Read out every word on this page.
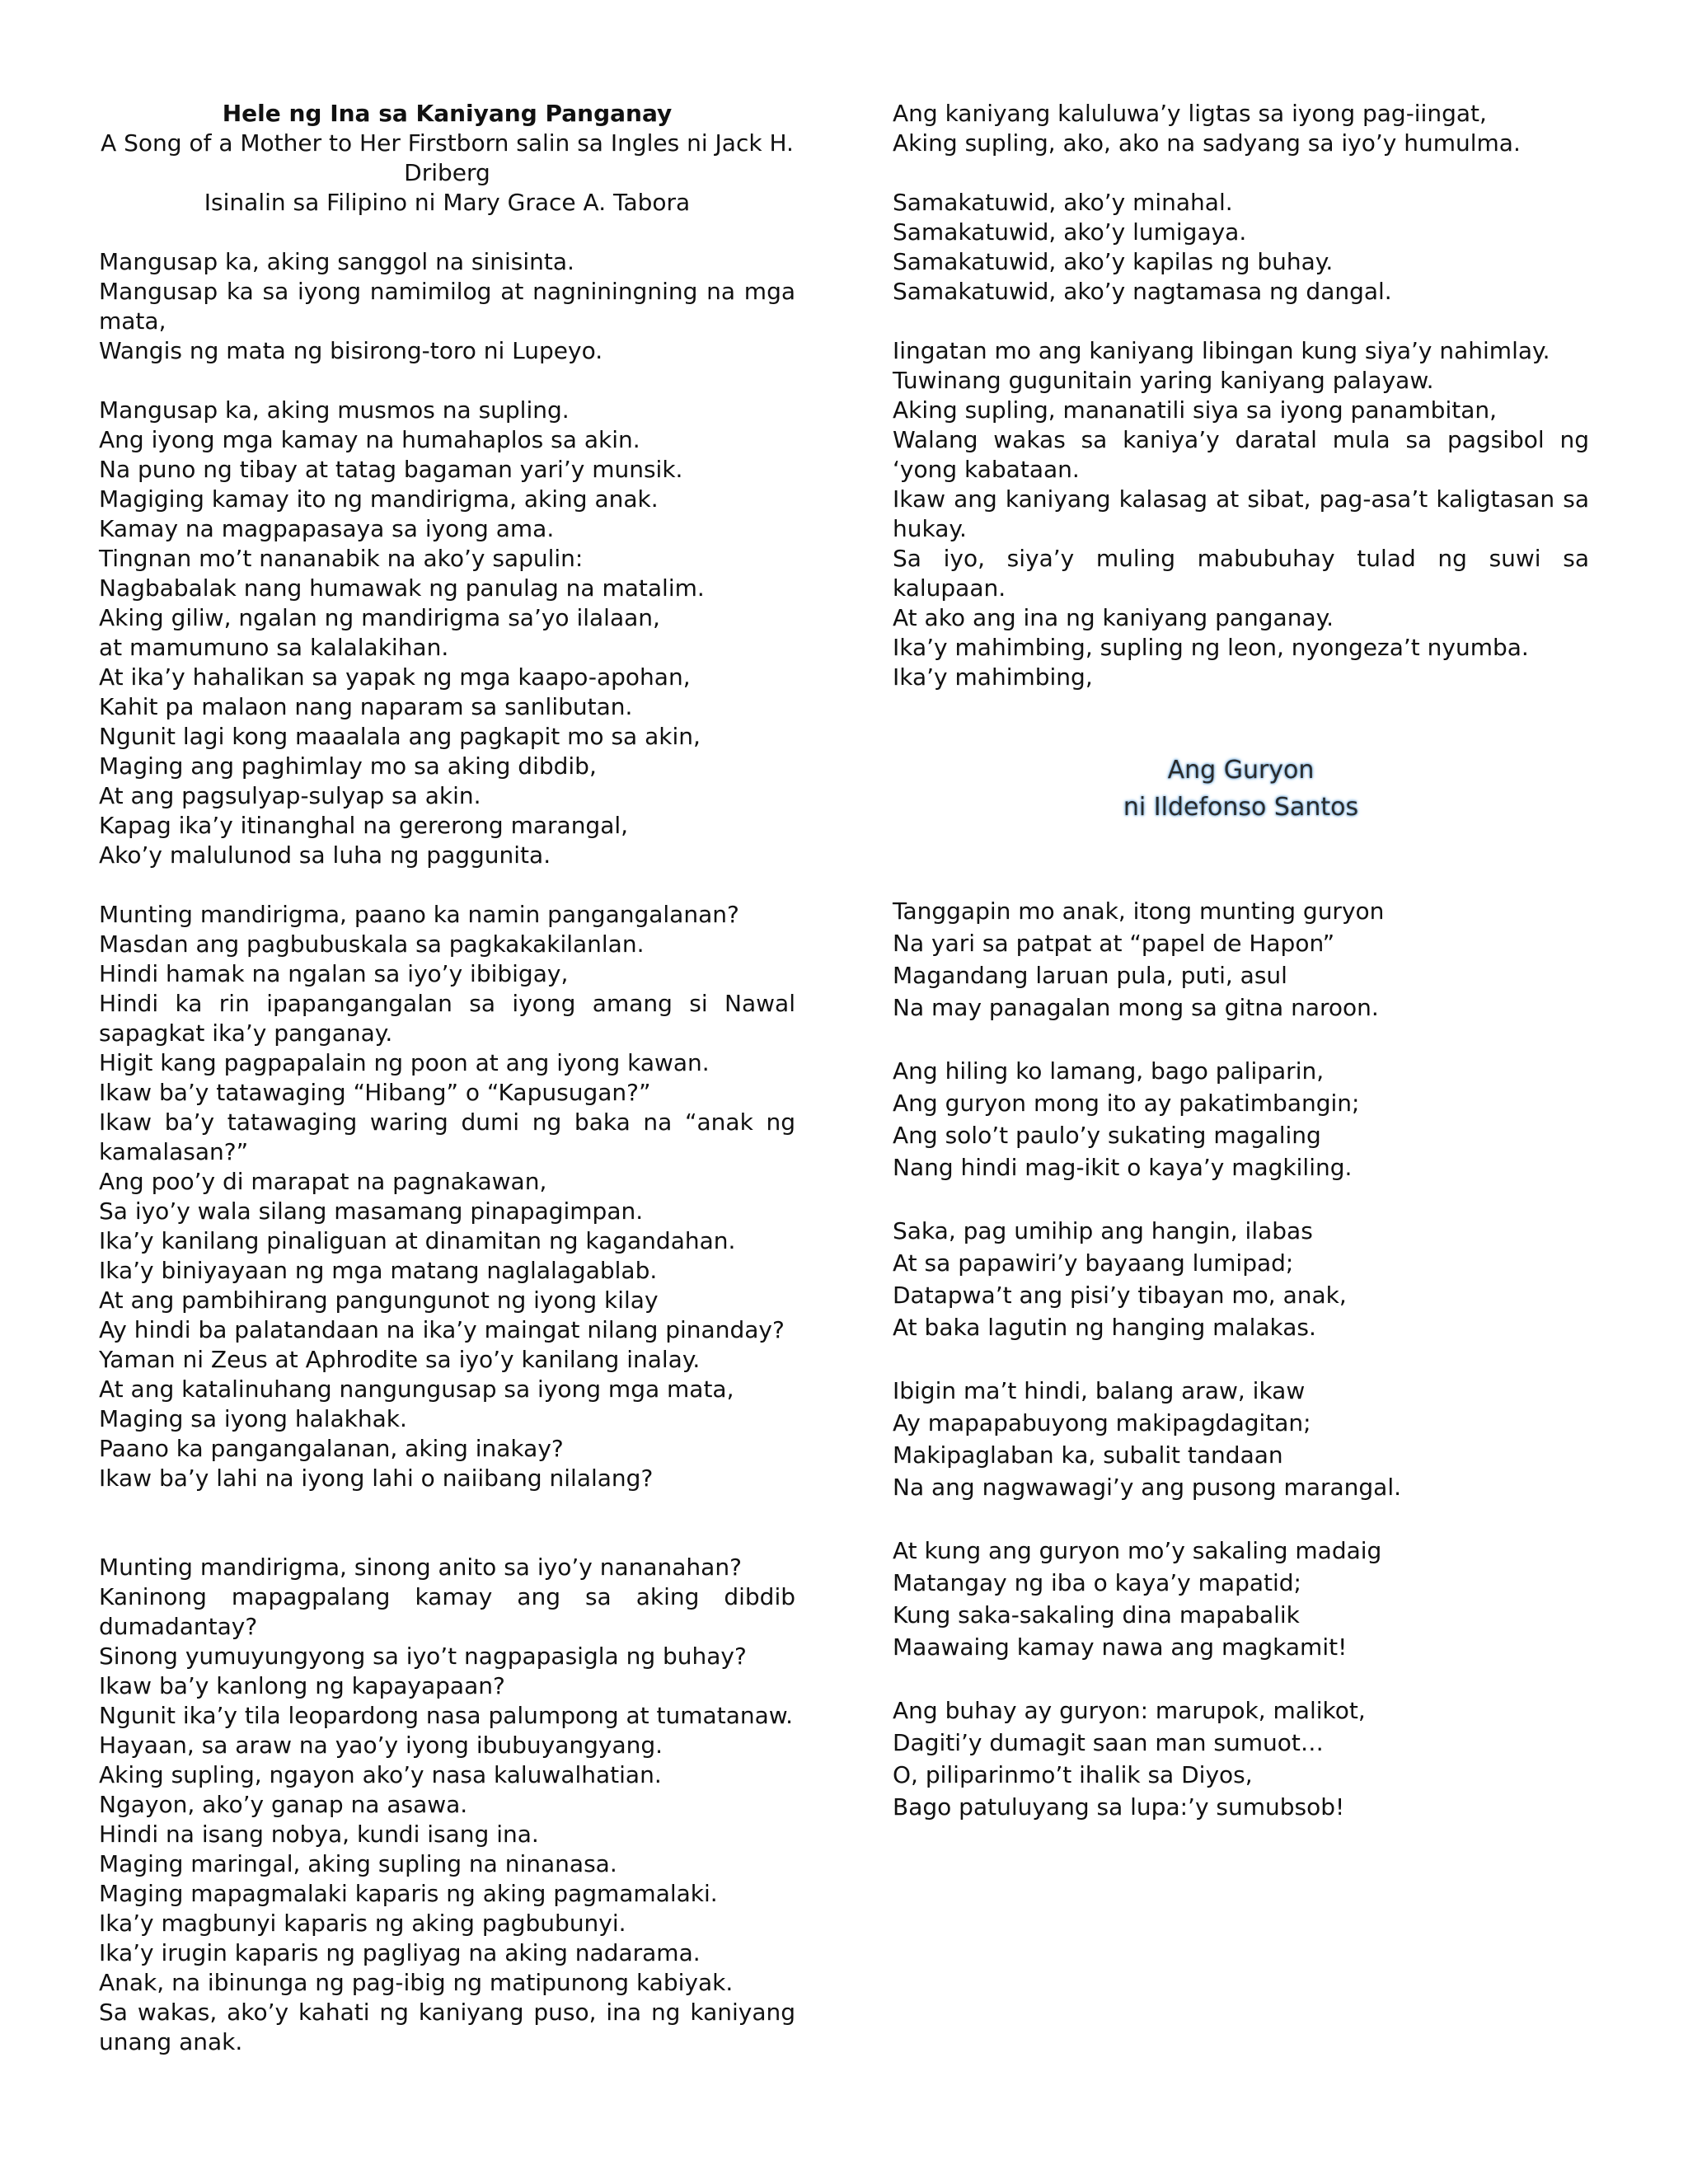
Hele ng Ina sa Kaniyang Panganay
A Song of a Mother to Her Firstborn salin sa Ingles ni Jack H.
Driberg
Isinalin sa Filipino ni Mary Grace A. Tabora
Mangusap ka, aking sanggol na sinisinta.
Mangusap ka sa iyong namimilog at nagniningning na mga mata,
Wangis ng mata ng bisirong-toro ni Lupeyo.
Mangusap ka, aking musmos na supling.
Ang iyong mga kamay na humahaplos sa akin.
Na puno ng tibay at tatag bagaman yari’y munsik.
Magiging kamay ito ng mandirigma, aking anak.
Kamay na magpapasaya sa iyong ama.
Tingnan mo’t nananabik na ako’y sapulin:
Nagbabalak nang humawak ng panulag na matalim.
Aking giliw, ngalan ng mandirigma sa’yo ilalaan,
at mamumuno sa kalalakihan.
At ika’y hahalikan sa yapak ng mga kaapo-apohan,
Kahit pa malaon nang naparam sa sanlibutan.
Ngunit lagi kong maaalala ang pagkapit mo sa akin,
Maging ang paghimlay mo sa aking dibdib,
At ang pagsulyap-sulyap sa akin.
Kapag ika’y itinanghal na gererong marangal,
Ako’y malulunod sa luha ng paggunita.
Munting mandirigma, paano ka namin pangangalanan?
Masdan ang pagbubuskala sa pagkakakilanlan.
Hindi hamak na ngalan sa iyo’y ibibigay,
Hindi ka rin ipapangangalan sa iyong amang si Nawal sapagkat ika’y panganay.
Higit kang pagpapalain ng poon at ang iyong kawan.
Ikaw ba’y tatawaging “Hibang” o “Kapusugan?”
Ikaw ba’y tatawaging waring dumi ng baka na “anak ng kamalasan?”
Ang poo’y di marapat na pagnakawan,
Sa iyo’y wala silang masamang pinapagimpan.
Ika’y kanilang pinaliguan at dinamitan ng kagandahan.
Ika’y biniyayaan ng mga matang naglalagablab.
At ang pambihirang pangungunot ng iyong kilay
Ay hindi ba palatandaan na ika’y maingat nilang pinanday?
Yaman ni Zeus at Aphrodite sa iyo’y kanilang inalay.
At ang katalinuhang nangungusap sa iyong mga mata,
Maging sa iyong halakhak.
Paano ka pangangalanan, aking inakay?
Ikaw ba’y lahi na iyong lahi o naiibang nilalang?
Munting mandirigma, sinong anito sa iyo’y nananahan?
Kaninong mapagpalang kamay ang sa aking dibdib dumadantay?
Sinong yumuyungyong sa iyo’t nagpapasigla ng buhay?
Ikaw ba’y kanlong ng kapayapaan?
Ngunit ika’y tila leopardong nasa palumpong at tumatanaw.
Hayaan, sa araw na yao’y iyong ibubuyangyang.
Aking supling, ngayon ako’y nasa kaluwalhatian.
Ngayon, ako’y ganap na asawa.
Hindi na isang nobya, kundi isang ina.
Maging maringal, aking supling na ninanasa.
Maging mapagmalaki kaparis ng aking pagmamalaki.
Ika’y magbunyi kaparis ng aking pagbubunyi.
Ika’y irugin kaparis ng pagliyag na aking nadarama.
Anak, na ibinunga ng pag-ibig ng matipunong kabiyak.
Sa wakas, ako’y kahati ng kaniyang puso, ina ng kaniyang unang anak.
Ang kaniyang kaluluwa’y ligtas sa iyong pag-iingat,
Aking supling, ako, ako na sadyang sa iyo’y humulma.
Samakatuwid, ako’y minahal.
Samakatuwid, ako’y lumigaya.
Samakatuwid, ako’y kapilas ng buhay.
Samakatuwid, ako’y nagtamasa ng dangal.
Iingatan mo ang kaniyang libingan kung siya’y nahimlay.
Tuwinang gugunitain yaring kaniyang palayaw.
Aking supling, mananatili siya sa iyong panambitan,
Walang wakas sa kaniya’y daratal mula sa pagsibol ng ‘yong kabataan.
Ikaw ang kaniyang kalasag at sibat, pag-asa’t kaligtasan sa hukay.
Sa iyo, siya’y muling mabubuhay tulad ng suwi sa kalupaan.
At ako ang ina ng kaniyang panganay.
Ika’y mahimbing, supling ng leon, nyongeza’t nyumba.
Ika’y mahimbing,
Ang Guryon
ni Ildefonso Santos
Tanggapin mo anak, itong munting guryon
Na yari sa patpat at “papel de Hapon”
Magandang laruan pula, puti, asul
Na may panagalan mong sa gitna naroon.
Ang hiling ko lamang, bago paliparin,
Ang guryon mong ito ay pakatimbangin;
Ang solo’t paulo’y sukating magaling
Nang hindi mag-ikit o kaya’y magkiling.
Saka, pag umihip ang hangin, ilabas
At sa papawiri’y bayaang lumipad;
Datapwa’t ang pisi’y tibayan mo, anak,
At baka lagutin ng hanging malakas.
Ibigin ma’t hindi, balang araw, ikaw
Ay mapapabuyong makipagdagitan;
Makipaglaban ka, subalit tandaan
Na ang nagwawagi’y ang pusong marangal.
At kung ang guryon mo’y sakaling madaig
Matangay ng iba o kaya’y mapatid;
Kung saka-sakaling dina mapabalik
Maawaing kamay nawa ang magkamit!
Ang buhay ay guryon: marupok, malikot,
Dagiti’y dumagit saan man sumuot…
O, piliparinmo’t ihalik sa Diyos,
Bago patuluyang sa lupa:’y sumubsob!
